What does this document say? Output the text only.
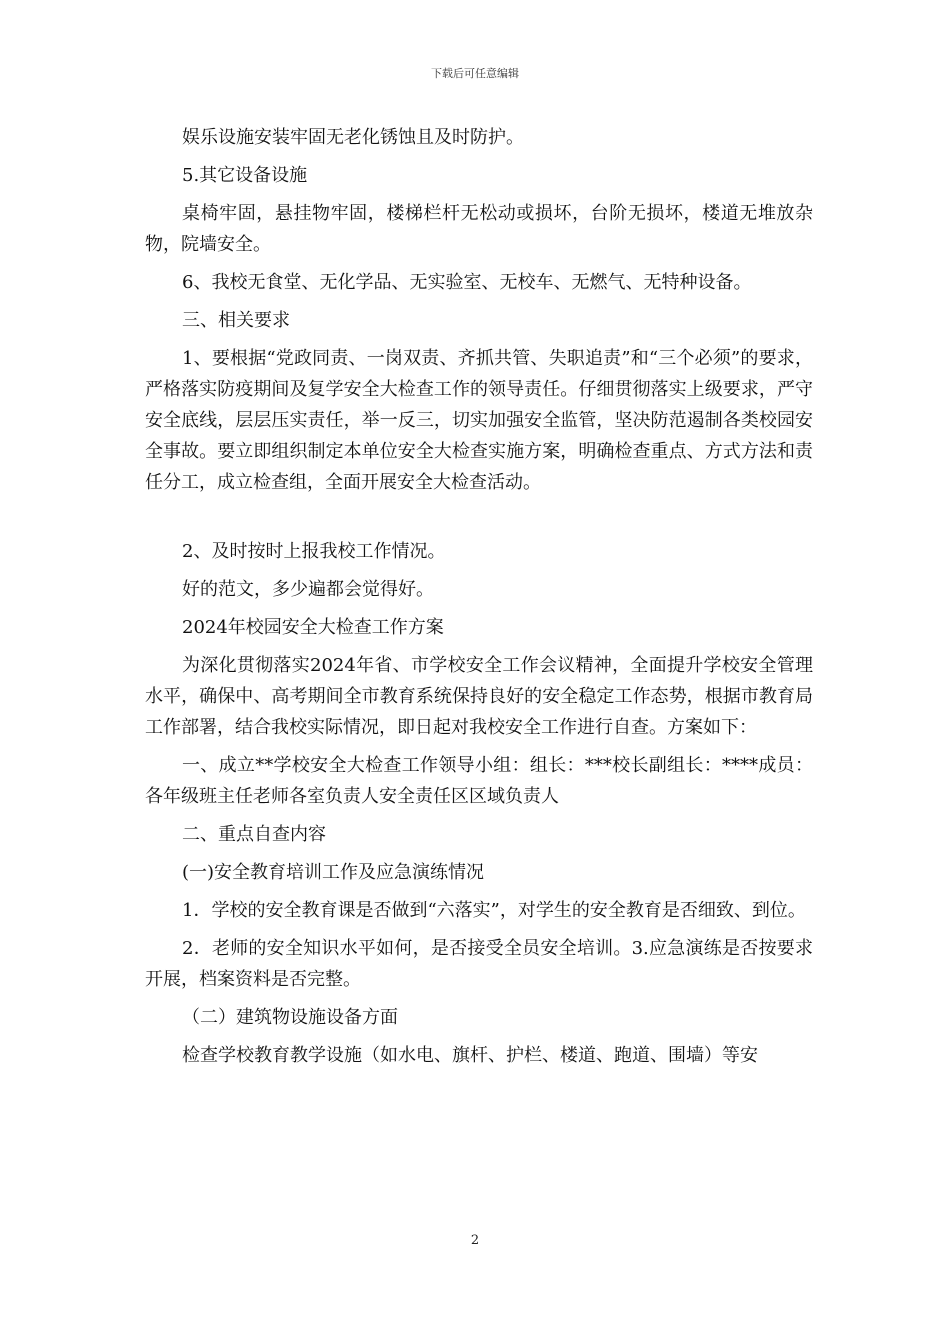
下载后可任意编辑

娱乐设施安装牢固无老化锈蚀且及时防护。

5.其它设备设施

桌椅牢固，悬挂物牢固，楼梯栏杆无松动或损坏，台阶无损坏，楼道无堆放杂物，院墙安全。

6、我校无食堂、无化学品、无实验室、无校车、无燃气、无特种设备。

三、相关要求

1、要根据“党政同责、一岗双责、齐抓共管、失职追责”和“三个必须”的要求，严格落实防疫期间及复学安全大检查工作的领导责任。仔细贯彻落实上级要求，严守安全底线，层层压实责任，举一反三，切实加强安全监管，坚决防范遏制各类校园安全事故。要立即组织制定本单位安全大检查实施方案，明确检查重点、方式方法和责任分工，成立检查组，全面开展安全大检查活动。

2、及时按时上报我校工作情况。

好的范文，多少遍都会觉得好。

2024年校园安全大检查工作方案

为深化贯彻落实2024年省、市学校安全工作会议精神，全面提升学校安全管理水平，确保中、高考期间全市教育系统保持良好的安全稳定工作态势，根据市教育局工作部署，结合我校实际情况，即日起对我校安全工作进行自查。方案如下：

一、成立**学校安全大检查工作领导小组：组长：***校长副组长：****成员：各年级班主任老师各室负责人安全责任区区域负责人

二、重点自查内容

(一)安全教育培训工作及应急演练情况

1．学校的安全教育课是否做到“六落实”，对学生的安全教育是否细致、到位。

2．老师的安全知识水平如何，是否接受全员安全培训。3.应急演练是否按要求开展，档案资料是否完整。

（二）建筑物设施设备方面

检查学校教育教学设施（如水电、旗杆、护栏、楼道、跑道、围墙）等安

2
